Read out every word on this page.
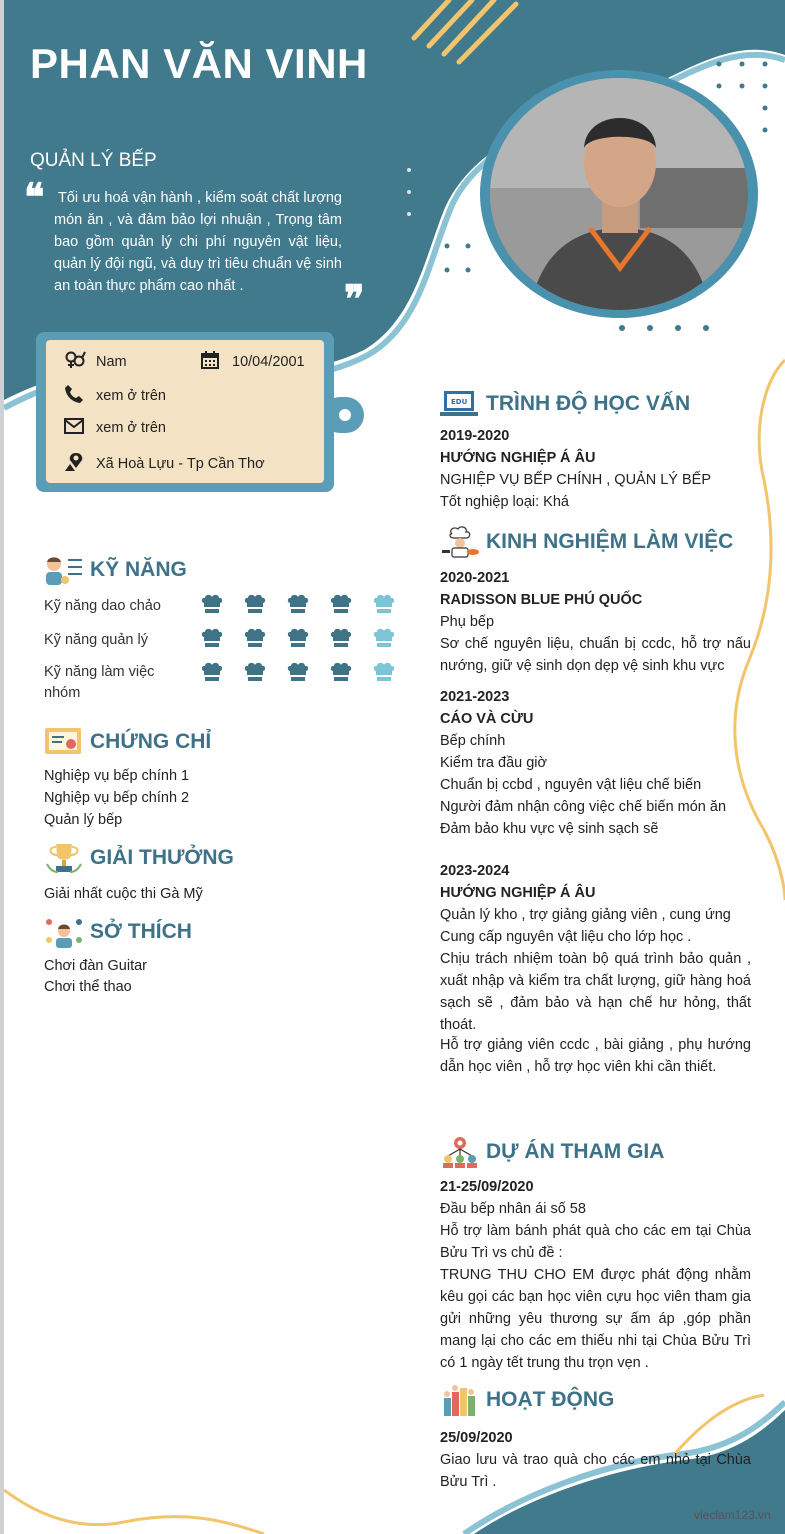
PHAN VĂN VINH
QUẢN LÝ BẾP
❝ Tối ưu hoá vận hành , kiểm soát chất lượng món ăn , và đảm bảo lợi nhuận , Trọng tâm bao gồm quản lý chi phí nguyên vật liệu, quản lý đội ngũ, và duy trì tiêu chuẩn vệ sinh an toàn thực phẩm cao nhất .	❞
Nam	10/04/2001
xem ở trên
xem ở trên
Xã Hoà Lựu - Tp Cần Thơ
KỸ NĂNG
Kỹ năng dao chảo
Kỹ năng quản lý
Kỹ năng làm việc nhóm
CHỨNG CHỈ
Nghiệp vụ bếp chính 1
Nghiệp vụ bếp chính 2
Quản lý bếp
GIẢI THƯỞNG
Giải nhất cuộc thi Gà Mỹ
SỞ THÍCH
Chơi đàn Guitar
Chơi thể thao
EDU TRÌNH ĐỘ HỌC VẤN
2019-2020
HƯỚNG NGHIỆP Á ÂU
NGHIỆP VỤ BẾP CHÍNH , QUẢN LÝ BẾP
Tốt nghiệp loại: Khá
KINH NGHIỆM LÀM VIỆC
2020-2021
RADISSON BLUE PHÚ QUỐC
Phụ bếp
Sơ chế nguyên liệu, chuẩn bị ccdc, hỗ trợ nấu nướng, giữ vệ sinh dọn dẹp vệ sinh khu vực
2021-2023
CÁO VÀ CỪU
Bếp chính
Kiểm tra đầu giờ
Chuẩn bị ccbd , nguyên vật liệu chế biến
Người đảm nhận công việc chế biến món ăn
Đảm bảo khu vực vệ sinh sạch sẽ
2023-2024
HƯỚNG NGHIỆP Á ÂU
Quản lý kho , trợ giảng giảng viên , cung ứng
Cung cấp nguyên vật liệu cho lớp học .
Chịu trách nhiệm toàn bộ quá trình bảo quản , xuất nhập và kiểm tra chất lượng, giữ hàng hoá sạch sẽ , đảm bảo và hạn chế hư hỏng, thất thoát.
Hỗ trợ giảng viên ccdc , bài giảng , phụ hướng dẫn học viên , hỗ trợ học viên khi cần thiết.
DỰ ÁN THAM GIA
21-25/09/2020
Đầu bếp nhân ái số 58
Hỗ trợ làm bánh phát quà cho các em tại Chùa Bửu Trì vs chủ đề :
TRUNG THU CHO EM được phát động nhằm kêu gọi các bạn học viên cựu học viên tham gia gửi những yêu thương sự ấm áp ,góp phần mang lại cho các em thiếu nhi tại Chùa Bửu Trì có 1 ngày tết trung thu trọn vẹn .
HOẠT ĐỘNG
25/09/2020
Giao lưu và trao quà cho các em nhỏ tại Chùa Bửu Trì .
vieclam123.vn
